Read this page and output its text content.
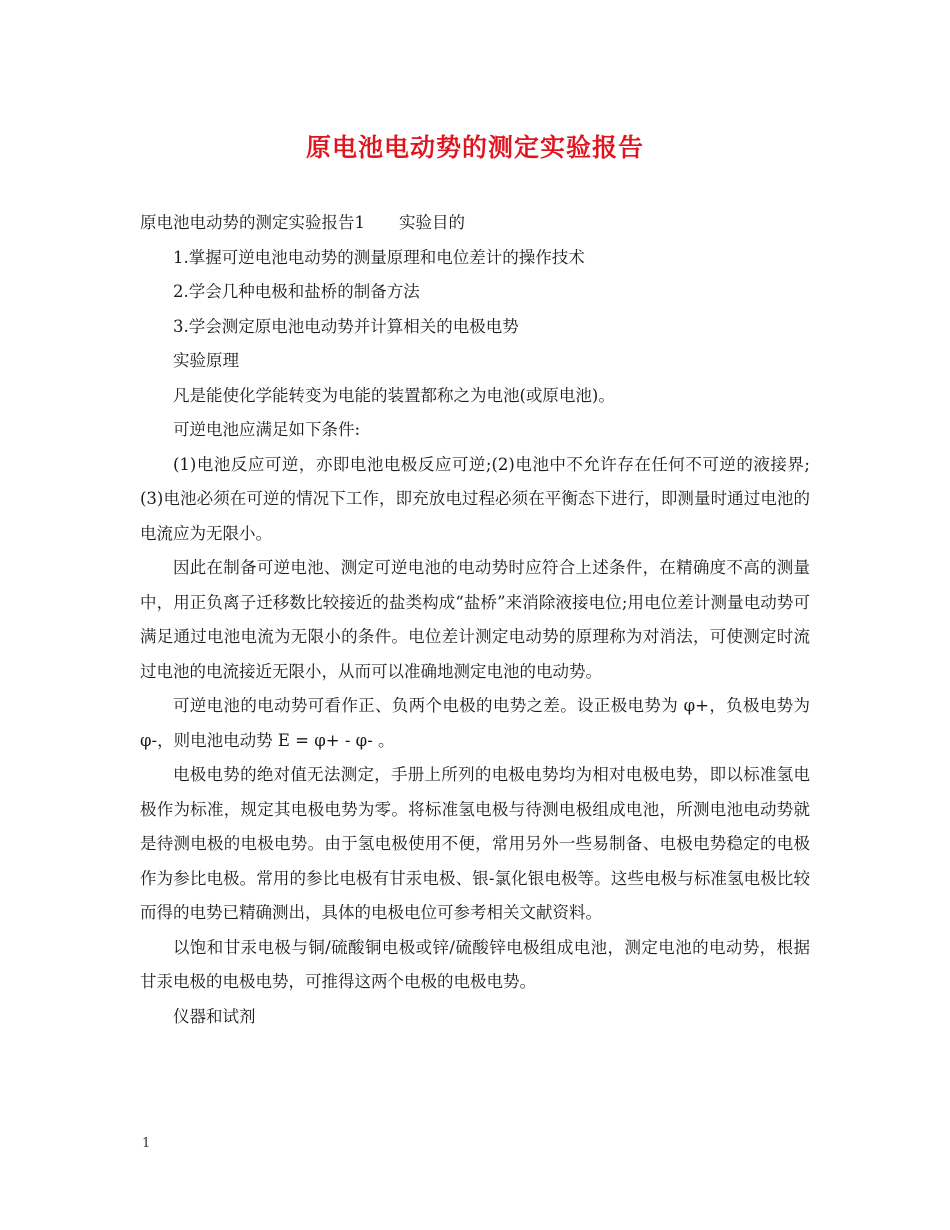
原电池电动势的测定实验报告

原电池电动势的测定实验报告1 实验目的

1.掌握可逆电池电动势的测量原理和电位差计的操作技术

2.学会几种电极和盐桥的制备方法

3.学会测定原电池电动势并计算相关的电极电势

实验原理

凡是能使化学能转变为电能的装置都称之为电池(或原电池)。

可逆电池应满足如下条件:

(1)电池反应可逆，亦即电池电极反应可逆;(2)电池中不允许存在任何不可逆的液接界;(3)电池必须在可逆的情况下工作，即充放电过程必须在平衡态下进行，即测量时通过电池的电流应为无限小。

因此在制备可逆电池、测定可逆电池的电动势时应符合上述条件，在精确度不高的测量中，用正负离子迁移数比较接近的盐类构成“盐桥”来消除液接电位;用电位差计测量电动势可满足通过电池电流为无限小的条件。电位差计测定电动势的原理称为对消法，可使测定时流过电池的电流接近无限小，从而可以准确地测定电池的电动势。

可逆电池的电动势可看作正、负两个电极的电势之差。设正极电势为 φ+，负极电势为 φ-，则电池电动势 E = φ+ - φ- 。

电极电势的绝对值无法测定，手册上所列的电极电势均为相对电极电势，即以标准氢电极作为标准，规定其电极电势为零。将标准氢电极与待测电极组成电池，所测电池电动势就是待测电极的电极电势。由于氢电极使用不便，常用另外一些易制备、电极电势稳定的电极作为参比电极。常用的参比电极有甘汞电极、银-氯化银电极等。这些电极与标准氢电极比较而得的电势已精确测出，具体的电极电位可参考相关文献资料。

以饱和甘汞电极与铜/硫酸铜电极或锌/硫酸锌电极组成电池，测定电池的电动势，根据甘汞电极的电极电势，可推得这两个电极的电极电势。

仪器和试剂

1
